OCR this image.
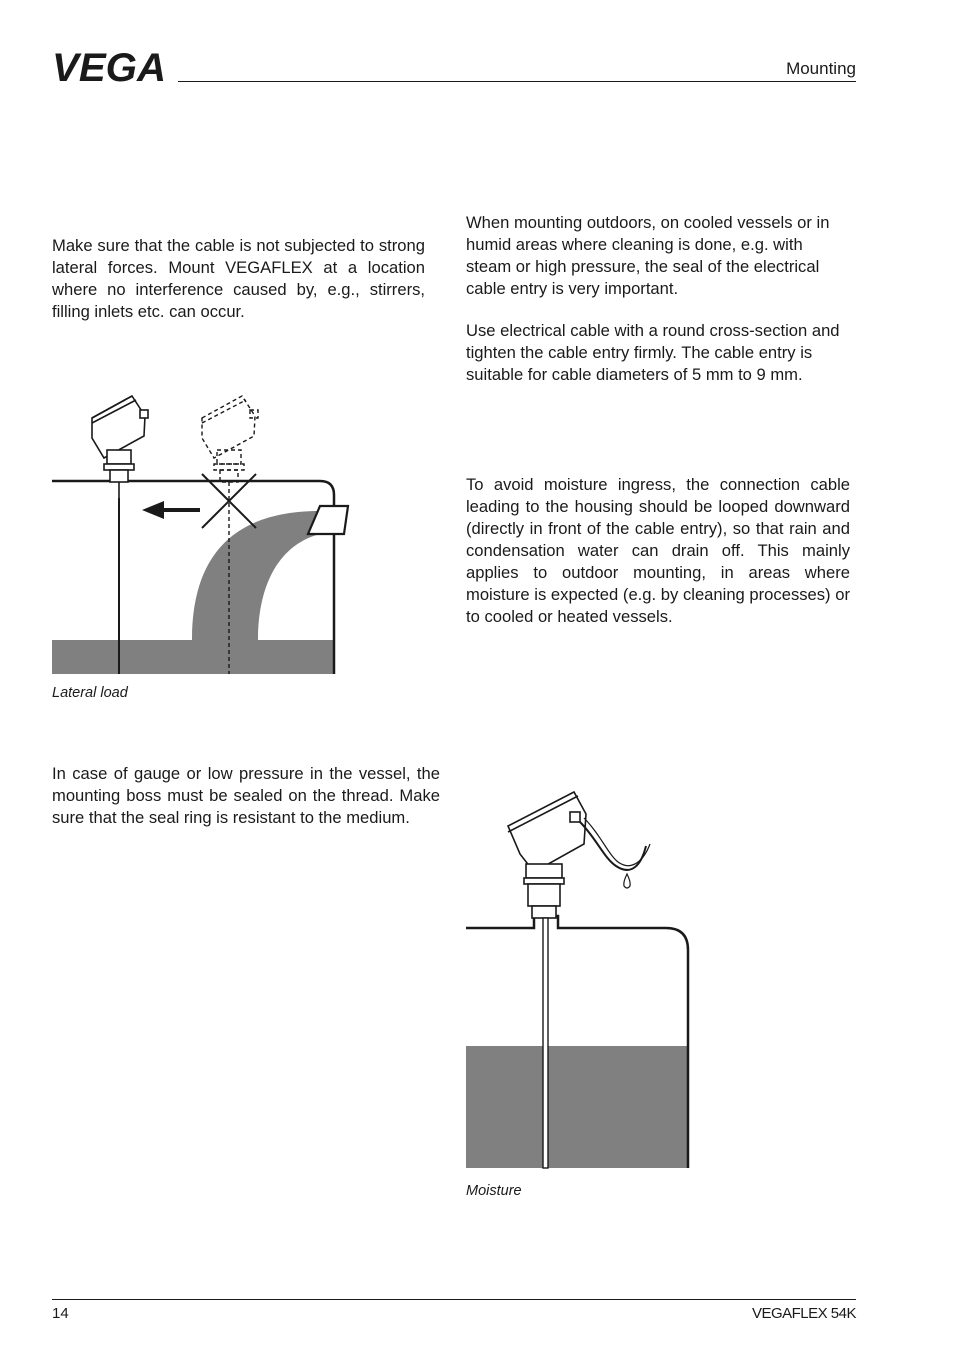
VEGA	Mounting

Make sure that the cable is not subjected to strong lateral forces. Mount VEGAFLEX at a location where no interference caused by, e.g., stirrers, filling inlets etc. can occur.

Lateral load

In case of gauge or low pressure in the vessel, the mounting boss must be sealed on the thread. Make sure that the seal ring is resistant to the medium.

When mounting outdoors, on cooled vessels or in humid areas where cleaning is done, e.g. with steam or high pressure, the seal of the electrical cable entry is very important.

Use electrical cable with a round cross-section and tighten the cable entry firmly. The cable entry is suitable for cable diameters of 5 mm to 9 mm.

To avoid moisture ingress, the connection cable leading to the housing should be looped downward (directly in front of the cable entry), so that rain and condensation water can drain off. This mainly applies to outdoor mounting, in areas where moisture is expected (e.g. by cleaning processes) or to cooled or heated vessels.

Moisture
14	VEGAFLEX 54K
